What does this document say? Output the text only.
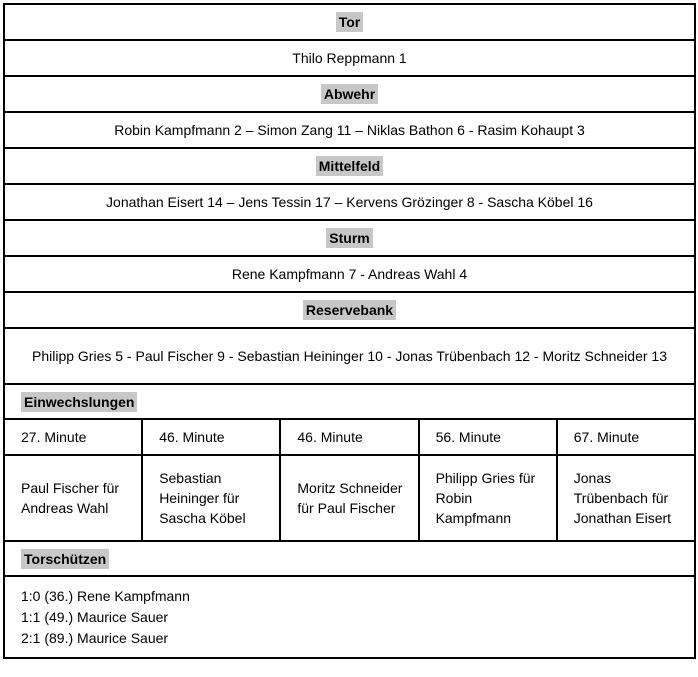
Tor				
Thilo Reppmann 1				
Abwehr				
Robin Kampfmann 2 – Simon Zang 11 – Niklas Bathon 6 - Rasim Kohaupt 3				
Mittelfeld				
Jonathan Eisert 14 – Jens Tessin 17 – Kervens Grözinger 8 - Sascha Köbel 16				
Sturm				
Rene Kampfmann 7 - Andreas Wahl 4				
Reservebank				
Philipp Gries 5 - Paul Fischer 9 - Sebastian Heininger 10 - Jonas Trübenbach 12 - Moritz Schneider 13				
Einwechslungen				
27. Minute	46. Minute	46. Minute	56. Minute	67. Minute
Paul Fischer für Andreas Wahl	Sebastian Heininger für Sascha Köbel	Moritz Schneider für Paul Fischer	Philipp Gries für Robin Kampfmann	Jonas Trübenbach für Jonathan Eisert
Torschützen				

1:0 (36.) Rene Kampfmann
1:1 (49.) Maurice Sauer
2:1 (89.) Maurice Sauer				
